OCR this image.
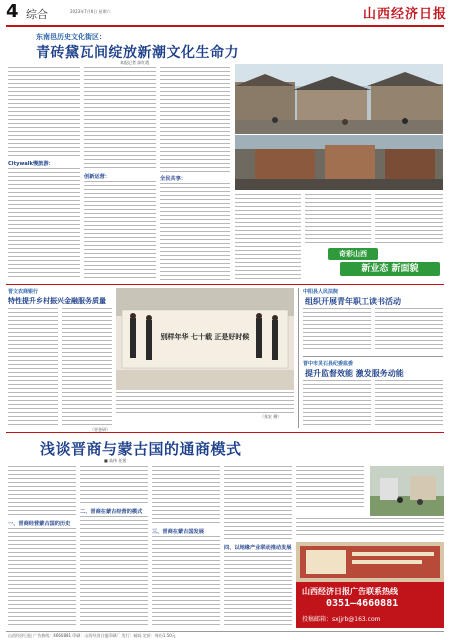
4 综合	2023年7月6日 星期六	山西经济日报
东南邑历史文化街区：
青砖黛瓦间绽放新潮文化生命力
本报记者 高红霞
Citywalk慢旅游：
创新运营：	全民共享：
奇彩山西
新业态 新面貌
晋文农商银行
特性提升乡村振兴金融服务质量
（晋金研）
别样年华 七十载 正是好时候
（张宏 摄）
中阳县人民法院
组织开展青年职工读书活动
晋中市灵石县纪委监委
提升监督效能 激发服务动能
浅谈晋商与蒙古国的通商模式
■ 高伟 任茜
一、晋商经营蒙古国的历史
二、晋商在蒙古经营的模式
三、晋商在蒙古国发展
四、以地缘产业联动推动发展
山西经济日报广告联系热线
0351—4660881
投稿邮箱：sxjjrb@163.com
山西经济日报 广告热线：4660881 印刷：山西经济日报印刷厂 发行：邮局 定价：每份1.50元
